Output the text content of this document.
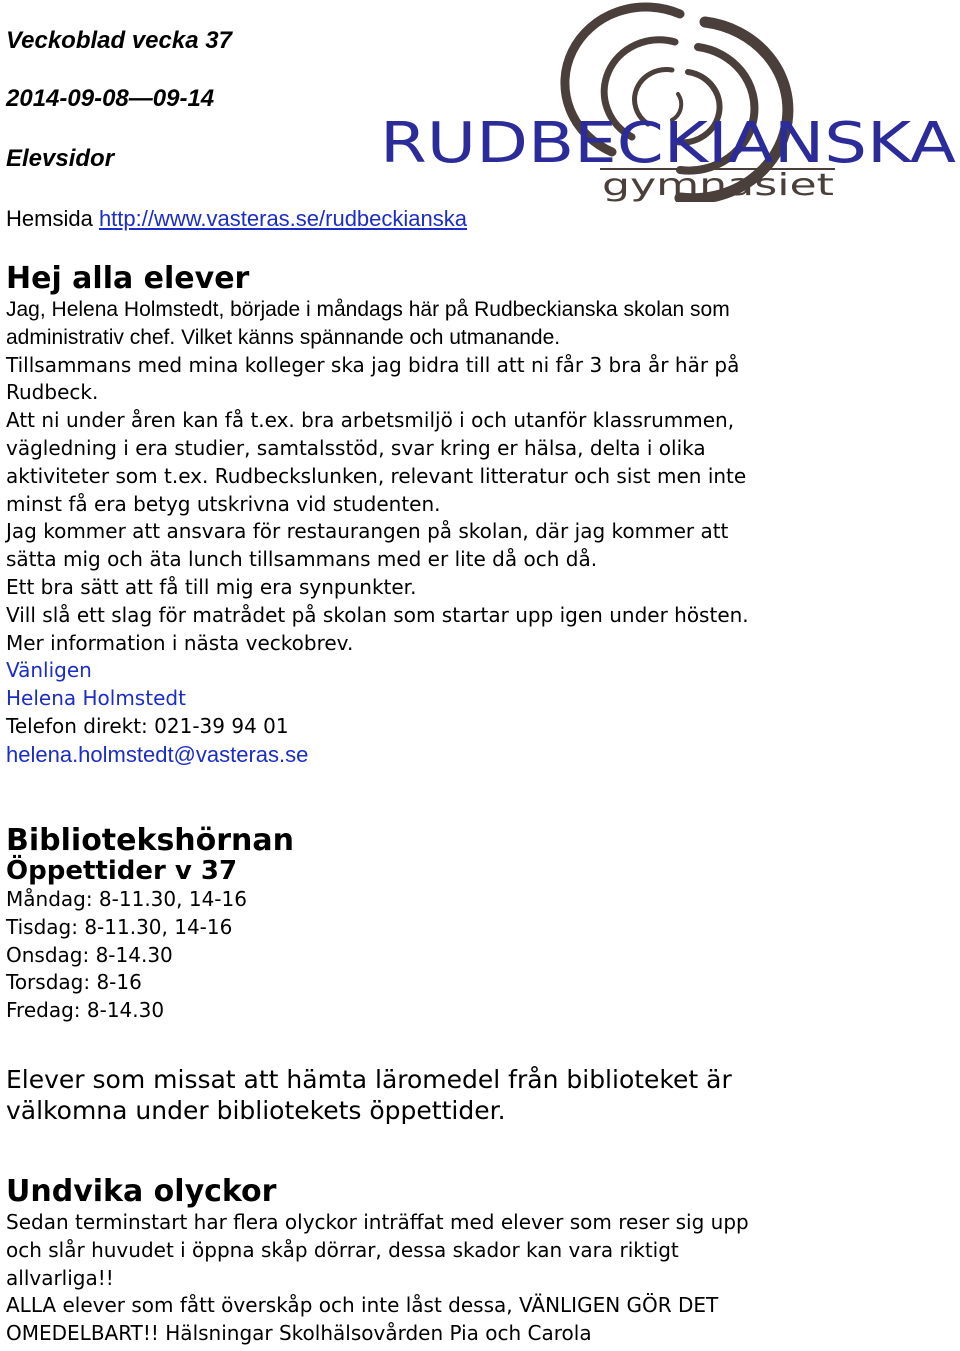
Veckoblad vecka 37
2014-09-08—09-14
Elevsidor
Hemsida http://www.vasteras.se/rudbeckianska
RUDBECKIANSKA
gymnasiet
Hej alla elever

Jag, Helena Holmstedt, började i måndags här på Rudbeckianska skolan som
administrativ chef. Vilket känns spännande och utmanande.

Tillsammans med mina kolleger ska jag bidra till att ni får 3 bra år här på
Rudbeck.
Att ni under åren kan få t.ex. bra arbetsmiljö i och utanför klassrummen,
vägledning i era studier, samtalsstöd, svar kring er hälsa, delta i olika
aktiviteter som t.ex. Rudbeckslunken, relevant litteratur och sist men inte
minst få era betyg utskrivna vid studenten.
Jag kommer att ansvara för restaurangen på skolan, där jag kommer att
sätta mig och äta lunch tillsammans med er lite då och då.
Ett bra sätt att få till mig era synpunkter.
Vill slå ett slag för matrådet på skolan som startar upp igen under hösten.
Mer information i nästa veckobrev.

Vänligen

Helena Holmstedt

Telefon direkt: 021-39 94 01

helena.holmstedt@vasteras.se

Bibliotekshörnan
Öppettider v 37
Måndag: 8-11.30, 14-16
Tisdag: 8-11.30, 14-16
Onsdag: 8-14.30
Torsdag: 8-16
Fredag: 8-14.30

Elever som missat att hämta läromedel från biblioteket är
välkomna under bibliotekets öppettider.

Undvika olyckor

Sedan terminstart har flera olyckor inträffat med elever som reser sig upp
och slår huvudet i öppna skåp dörrar, dessa skador kan vara riktigt
allvarliga!!
ALLA elever som fått överskåp och inte låst dessa, VÄNLIGEN GÖR DET
OMEDELBART!! Hälsningar Skolhälsovården Pia och Carola
